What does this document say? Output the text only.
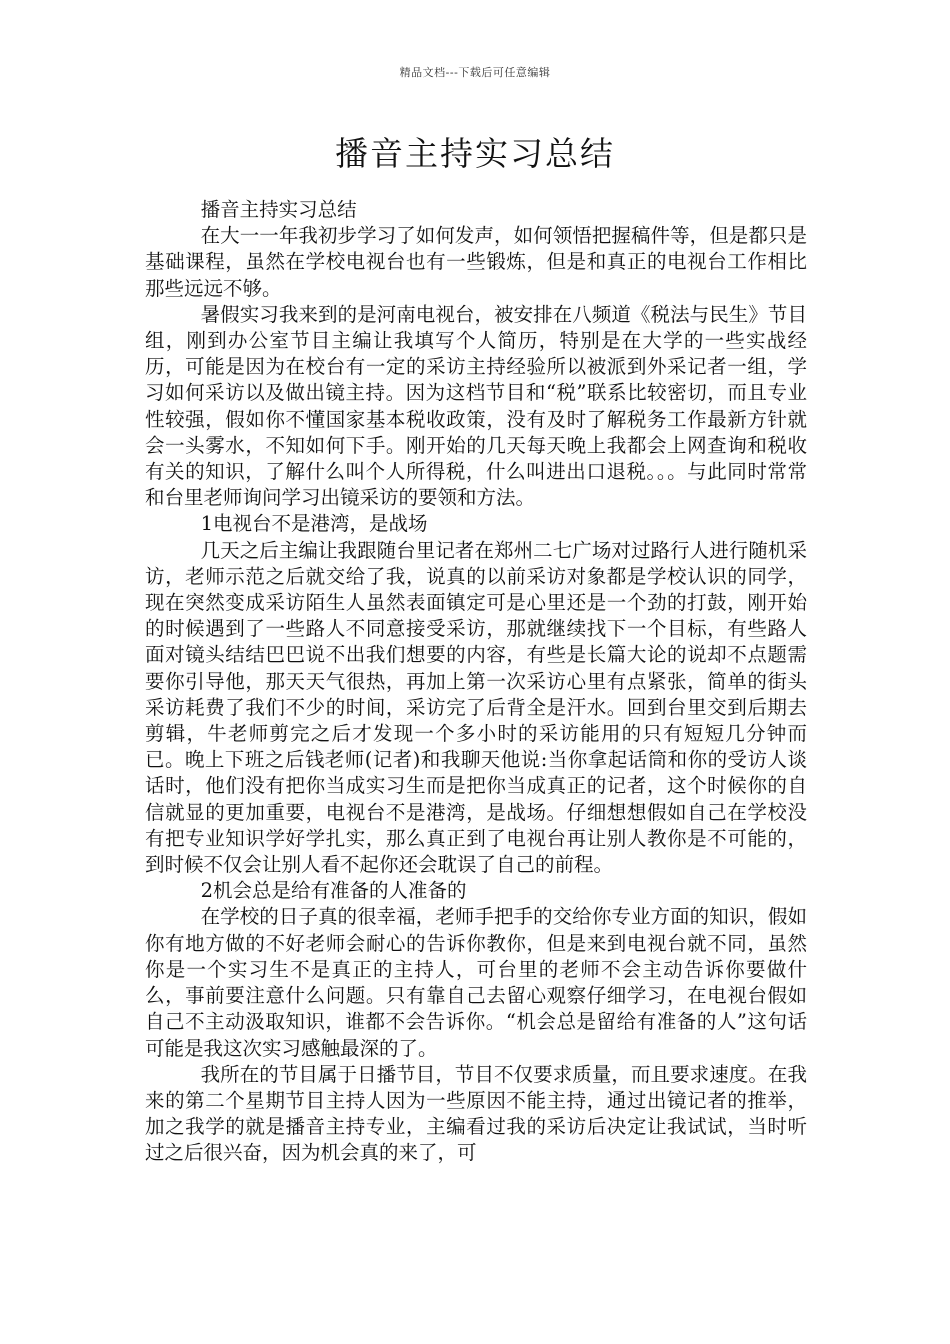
精品文档---下载后可任意编辑
播音主持实习总结

播音主持实习总结

在大一一年我初步学习了如何发声，如何领悟把握稿件等，但是都只是基础课程，虽然在学校电视台也有一些锻炼，但是和真正的电视台工作相比那些远远不够。

暑假实习我来到的是河南电视台，被安排在八频道《税法与民生》节目组，刚到办公室节目主编让我填写个人简历，特别是在大学的一些实战经历，可能是因为在校台有一定的采访主持经验所以被派到外采记者一组，学习如何采访以及做出镜主持。因为这档节目和“税”联系比较密切，而且专业性较强，假如你不懂国家基本税收政策，没有及时了解税务工作最新方针就会一头雾水，不知如何下手。刚开始的几天每天晚上我都会上网查询和税收有关的知识，了解什么叫个人所得税，什么叫进出口退税。。。与此同时常常和台里老师询问学习出镜采访的要领和方法。

1电视台不是港湾，是战场

几天之后主编让我跟随台里记者在郑州二七广场对过路行人进行随机采访，老师示范之后就交给了我，说真的以前采访对象都是学校认识的同学，现在突然变成采访陌生人虽然表面镇定可是心里还是一个劲的打鼓，刚开始的时候遇到了一些路人不同意接受采访，那就继续找下一个目标，有些路人面对镜头结结巴巴说不出我们想要的内容，有些是长篇大论的说却不点题需要你引导他，那天天气很热，再加上第一次采访心里有点紧张，简单的街头采访耗费了我们不少的时间，采访完了后背全是汗水。回到台里交到后期去剪辑，牛老师剪完之后才发现一个多小时的采访能用的只有短短几分钟而已。晚上下班之后钱老师(记者)和我聊天他说:当你拿起话筒和你的受访人谈话时，他们没有把你当成实习生而是把你当成真正的记者，这个时候你的自信就显的更加重要，电视台不是港湾，是战场。仔细想想假如自己在学校没有把专业知识学好学扎实，那么真正到了电视台再让别人教你是不可能的，到时候不仅会让别人看不起你还会耽误了自己的前程。

2机会总是给有准备的人准备的

在学校的日子真的很幸福，老师手把手的交给你专业方面的知识，假如你有地方做的不好老师会耐心的告诉你教你，但是来到电视台就不同，虽然你是一个实习生不是真正的主持人，可台里的老师不会主动告诉你要做什么，事前要注意什么问题。只有靠自己去留心观察仔细学习，在电视台假如自己不主动汲取知识，谁都不会告诉你。“机会总是留给有准备的人”这句话可能是我这次实习感触最深的了。

我所在的节目属于日播节目，节目不仅要求质量，而且要求速度。在我来的第二个星期节目主持人因为一些原因不能主持，通过出镜记者的推举，加之我学的就是播音主持专业，主编看过我的采访后决定让我试试，当时听过之后很兴奋，因为机会真的来了，可
